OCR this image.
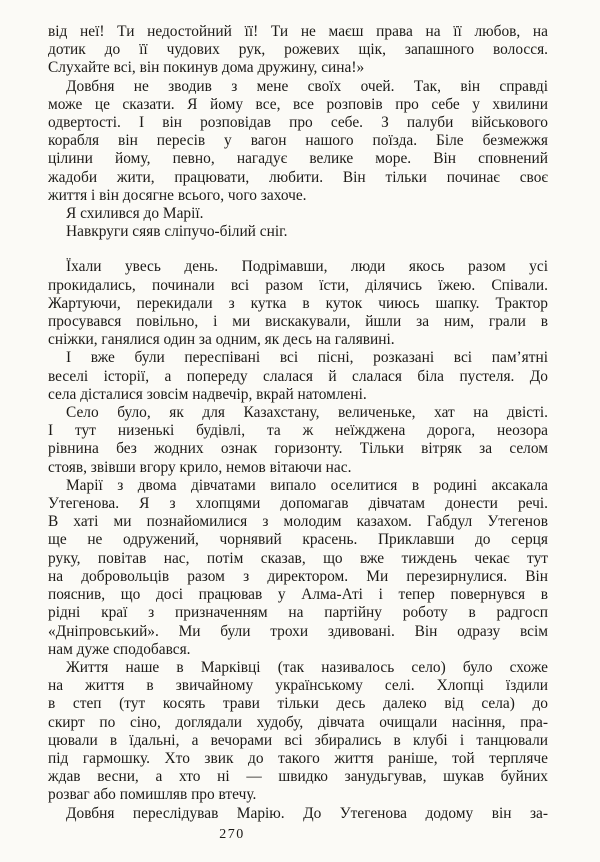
від неї! Ти недостойний її! Ти не маєш права на її любов, на
дотик до її чудових рук, рожевих щік, запашного волосся.
Слухайте всі, він покинув дома дружину, сина!»
Довбня не зводив з мене своїх очей. Так, він справді
може це сказати. Я йому все, все розповів про себе у хвилини
одвертості. І він розповідав про себе. З палуби військового
корабля він пересів у вагон нашого поїзда. Біле безмежжя
цілини йому, певно, нагадує велике море. Він сповнений
жадоби жити, працювати, любити. Він тільки починає своє
життя і він досягне всього, чого захоче.
Я схилився до Марії.
Навкруги сяяв сліпучо-білий сніг.
Їхали увесь день. Подрімавши, люди якось разом усі
прокидались, починали всі разом їсти, ділячись їжею. Співали.
Жартуючи, перекидали з кутка в куток чиюсь шапку. Трактор
просувався повільно, і ми вискакували, йшли за ним, грали в
сніжки, ганялися один за одним, як десь на галявині.
І вже були переспівані всі пісні, розказані всі пам’ятні
веселі історії, а попереду слалася й слалася біла пустеля. До
села дісталися зовсім надвечір, вкрай натомлені.
Село було, як для Казахстану, величеньке, хат на двісті.
І тут низенькі будівлі, та ж неїжджена дорога, неозора
рівнина без жодних ознак горизонту. Тільки вітряк за селом
стояв, звівши вгору крило, немов вітаючи нас.
Марії з двома дівчатами випало оселитися в родині аксакала
Утегенова. Я з хлопцями допомагав дівчатам донести речі.
В хаті ми познайомилися з молодим казахом. Габдул Утегенов
ще не одружений, чорнявий красень. Приклавши до серця
руку, повітав нас, потім сказав, що вже тиждень чекає тут
на добровольців разом з директором. Ми перезирнулися. Він
пояснив, що досі працював у Алма-Аті і тепер повернувся в
рідні краї з призначенням на партійну роботу в радгосп
«Дніпровський». Ми були трохи здивовані. Він одразу всім
нам дуже сподобався.
Життя наше в Марківці (так називалось село) було схоже
на життя в звичайному українському селі. Хлопці їздили
в степ (тут косять трави тільки десь далеко від села) до
скирт по сіно, доглядали худобу, дівчата очищали насіння, пра-
цювали в їдальні, а вечорами всі збирались в клубі і танцювали
під гармошку. Хто звик до такого життя раніше, той терпляче
ждав весни, а хто ні — швидко занудьгував, шукав буйних
розваг або помишляв про втечу.
Довбня переслідував Марію. До Утегенова додому він за-
270
